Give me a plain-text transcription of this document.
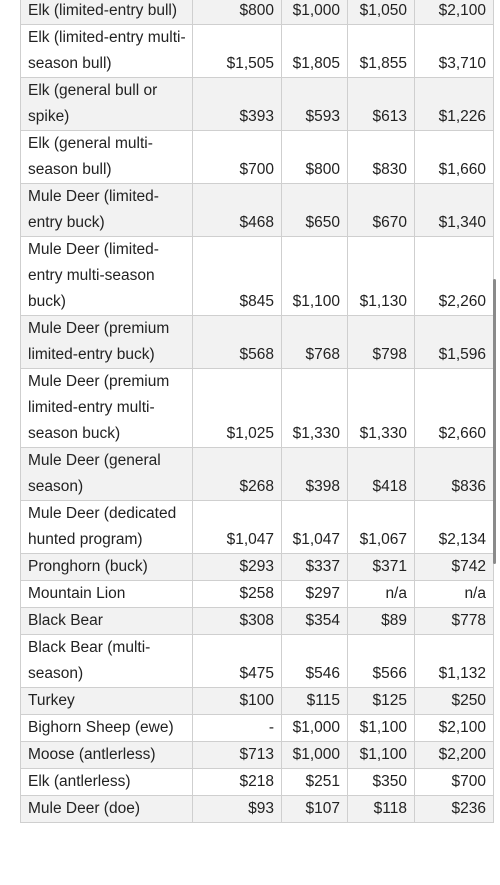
Elk (limited-entry bull)	$800	$1,000	$1,050	$2,100
Elk (limited-entry multi-season bull)	$1,505	$1,805	$1,855	$3,710
Elk (general bull or spike)	$393	$593	$613	$1,226
Elk (general multi-season bull)	$700	$800	$830	$1,660
Mule Deer (limited-entry buck)	$468	$650	$670	$1,340
Mule Deer (limited-entry multi-season buck)	$845	$1,100	$1,130	$2,260
Mule Deer (premium limited-entry buck)	$568	$768	$798	$1,596
Mule Deer (premium limited-entry multi-season buck)	$1,025	$1,330	$1,330	$2,660
Mule Deer (general season)	$268	$398	$418	$836
Mule Deer (dedicated hunted program)	$1,047	$1,047	$1,067	$2,134
Pronghorn (buck)	$293	$337	$371	$742
Mountain Lion	$258	$297	n/a	n/a
Black Bear	$308	$354	$89	$778
Black Bear (multi-season)	$475	$546	$566	$1,132
Turkey	$100	$115	$125	$250
Bighorn Sheep (ewe)	-	$1,000	$1,100	$2,100
Moose (antlerless)	$713	$1,000	$1,100	$2,200
Elk (antlerless)	$218	$251	$350	$700
Mule Deer (doe)	$93	$107	$118	$236
